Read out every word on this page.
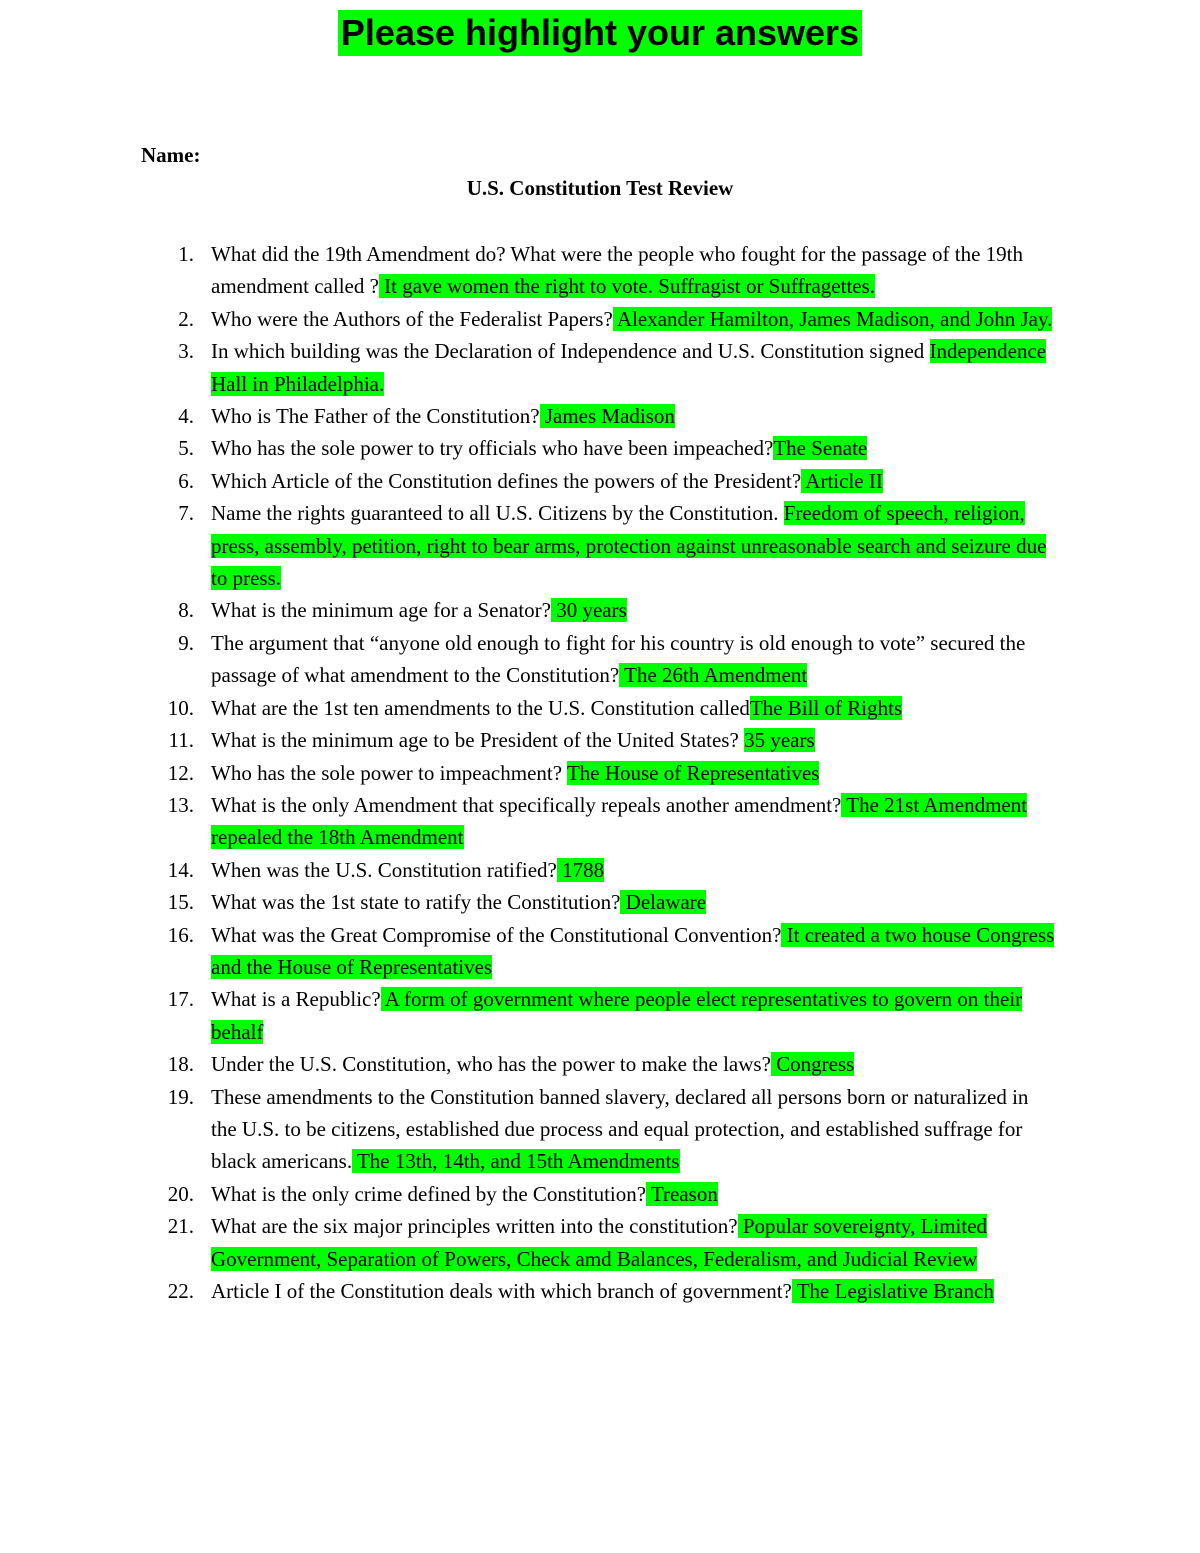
Please highlight your answers
Name:
U.S. Constitution Test Review
1. What did the 19th Amendment do? What were the people who fought for the passage of the 19th amendment called ? It gave women the right to vote. Suffragist or Suffragettes.
2. Who were the Authors of the Federalist Papers? Alexander Hamilton, James Madison, and John Jay.
3. In which building was the Declaration of Independence and U.S. Constitution signed Independence Hall in Philadelphia.
4. Who is The Father of the Constitution? James Madison
5. Who has the sole power to try officials who have been impeached?The Senate
6. Which Article of the Constitution defines the powers of the President? Article II
7. Name the rights guaranteed to all U.S. Citizens by the Constitution. Freedom of speech, religion, press, assembly, petition, right to bear arms, protection against unreasonable search and seizure due to press.
8. What is the minimum age for a Senator? 30 years
9. The argument that “anyone old enough to fight for his country is old enough to vote” secured the passage of what amendment to the Constitution? The 26th Amendment
10. What are the 1st ten amendments to the U.S. Constitution calledThe Bill of Rights
11. What is the minimum age to be President of the United States? 35 years
12. Who has the sole power to impeachment? The House of Representatives
13. What is the only Amendment that specifically repeals another amendment? The 21st Amendment repealed the 18th Amendment
14. When was the U.S. Constitution ratified? 1788
15. What was the 1st state to ratify the Constitution? Delaware
16. What was the Great Compromise of the Constitutional Convention? It created a two house Congress and the House of Representatives
17. What is a Republic? A form of government where people elect representatives to govern on their behalf
18. Under the U.S. Constitution, who has the power to make the laws? Congress
19. These amendments to the Constitution banned slavery, declared all persons born or naturalized in the U.S. to be citizens, established due process and equal protection, and established suffrage for black americans. The 13th, 14th, and 15th Amendments
20. What is the only crime defined by the Constitution? Treason
21. What are the six major principles written into the constitution? Popular sovereignty, Limited Government, Separation of Powers, Check amd Balances, Federalism, and Judicial Review
22. Article I of the Constitution deals with which branch of government? The Legislative Branch
